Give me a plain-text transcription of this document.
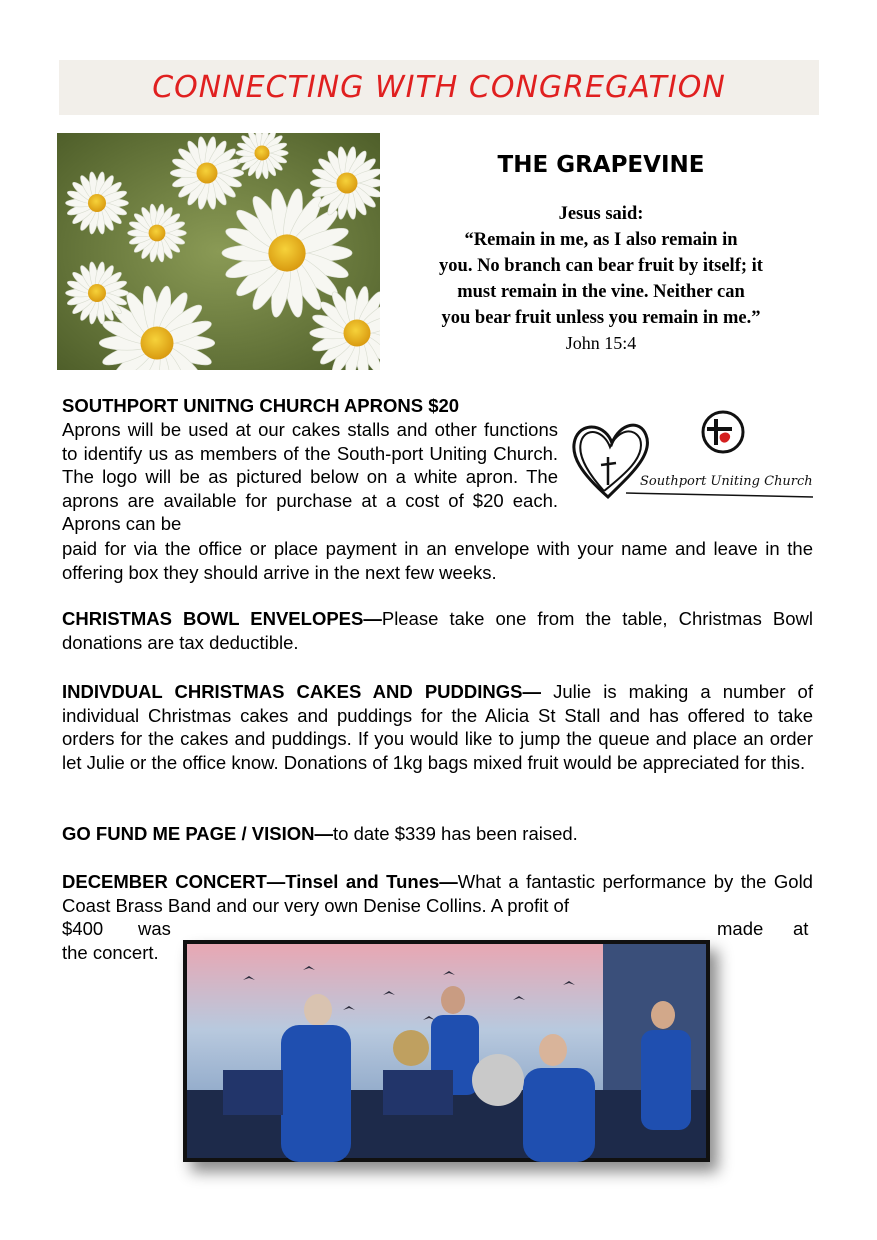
CONNECTING WITH CONGREGATION
THE GRAPEVINE
Jesus said:
“Remain in me, as I also remain in
you. No branch can bear fruit by itself; it
must remain in the vine. Neither can
you bear fruit unless you remain in me.”
John 15:4
SOUTHPORT UNITNG CHURCH APRONS $20
Aprons will be used at our cakes stalls and other functions to identify us as members of the South-port Uniting Church. The logo will be as pictured below on a white apron. The aprons are available for purchase at a cost of $20 each. Aprons can be
paid for via the office or place payment in an envelope with your name and leave in the offering box they should arrive in the next few weeks.
Southport Uniting Church
CHRISTMAS BOWL ENVELOPES—Please take one from the table, Christmas Bowl donations are tax deductible.
INDIVDUAL CHRISTMAS CAKES AND PUDDINGS— Julie is making a number of individual Christmas cakes and puddings for the Alicia St Stall and has offered to take orders for the cakes and puddings. If you would like to jump the queue and place an order let Julie or the office know. Donations of 1kg bags mixed fruit would be appreciated for this.
GO FUND ME PAGE / VISION—to date $339 has been raised.
DECEMBER CONCERT—Tinsel and Tunes—What a fantastic performance by the Gold Coast Brass Band and our very own Denise Collins. A profit of
$400 was	made at
the concert.
